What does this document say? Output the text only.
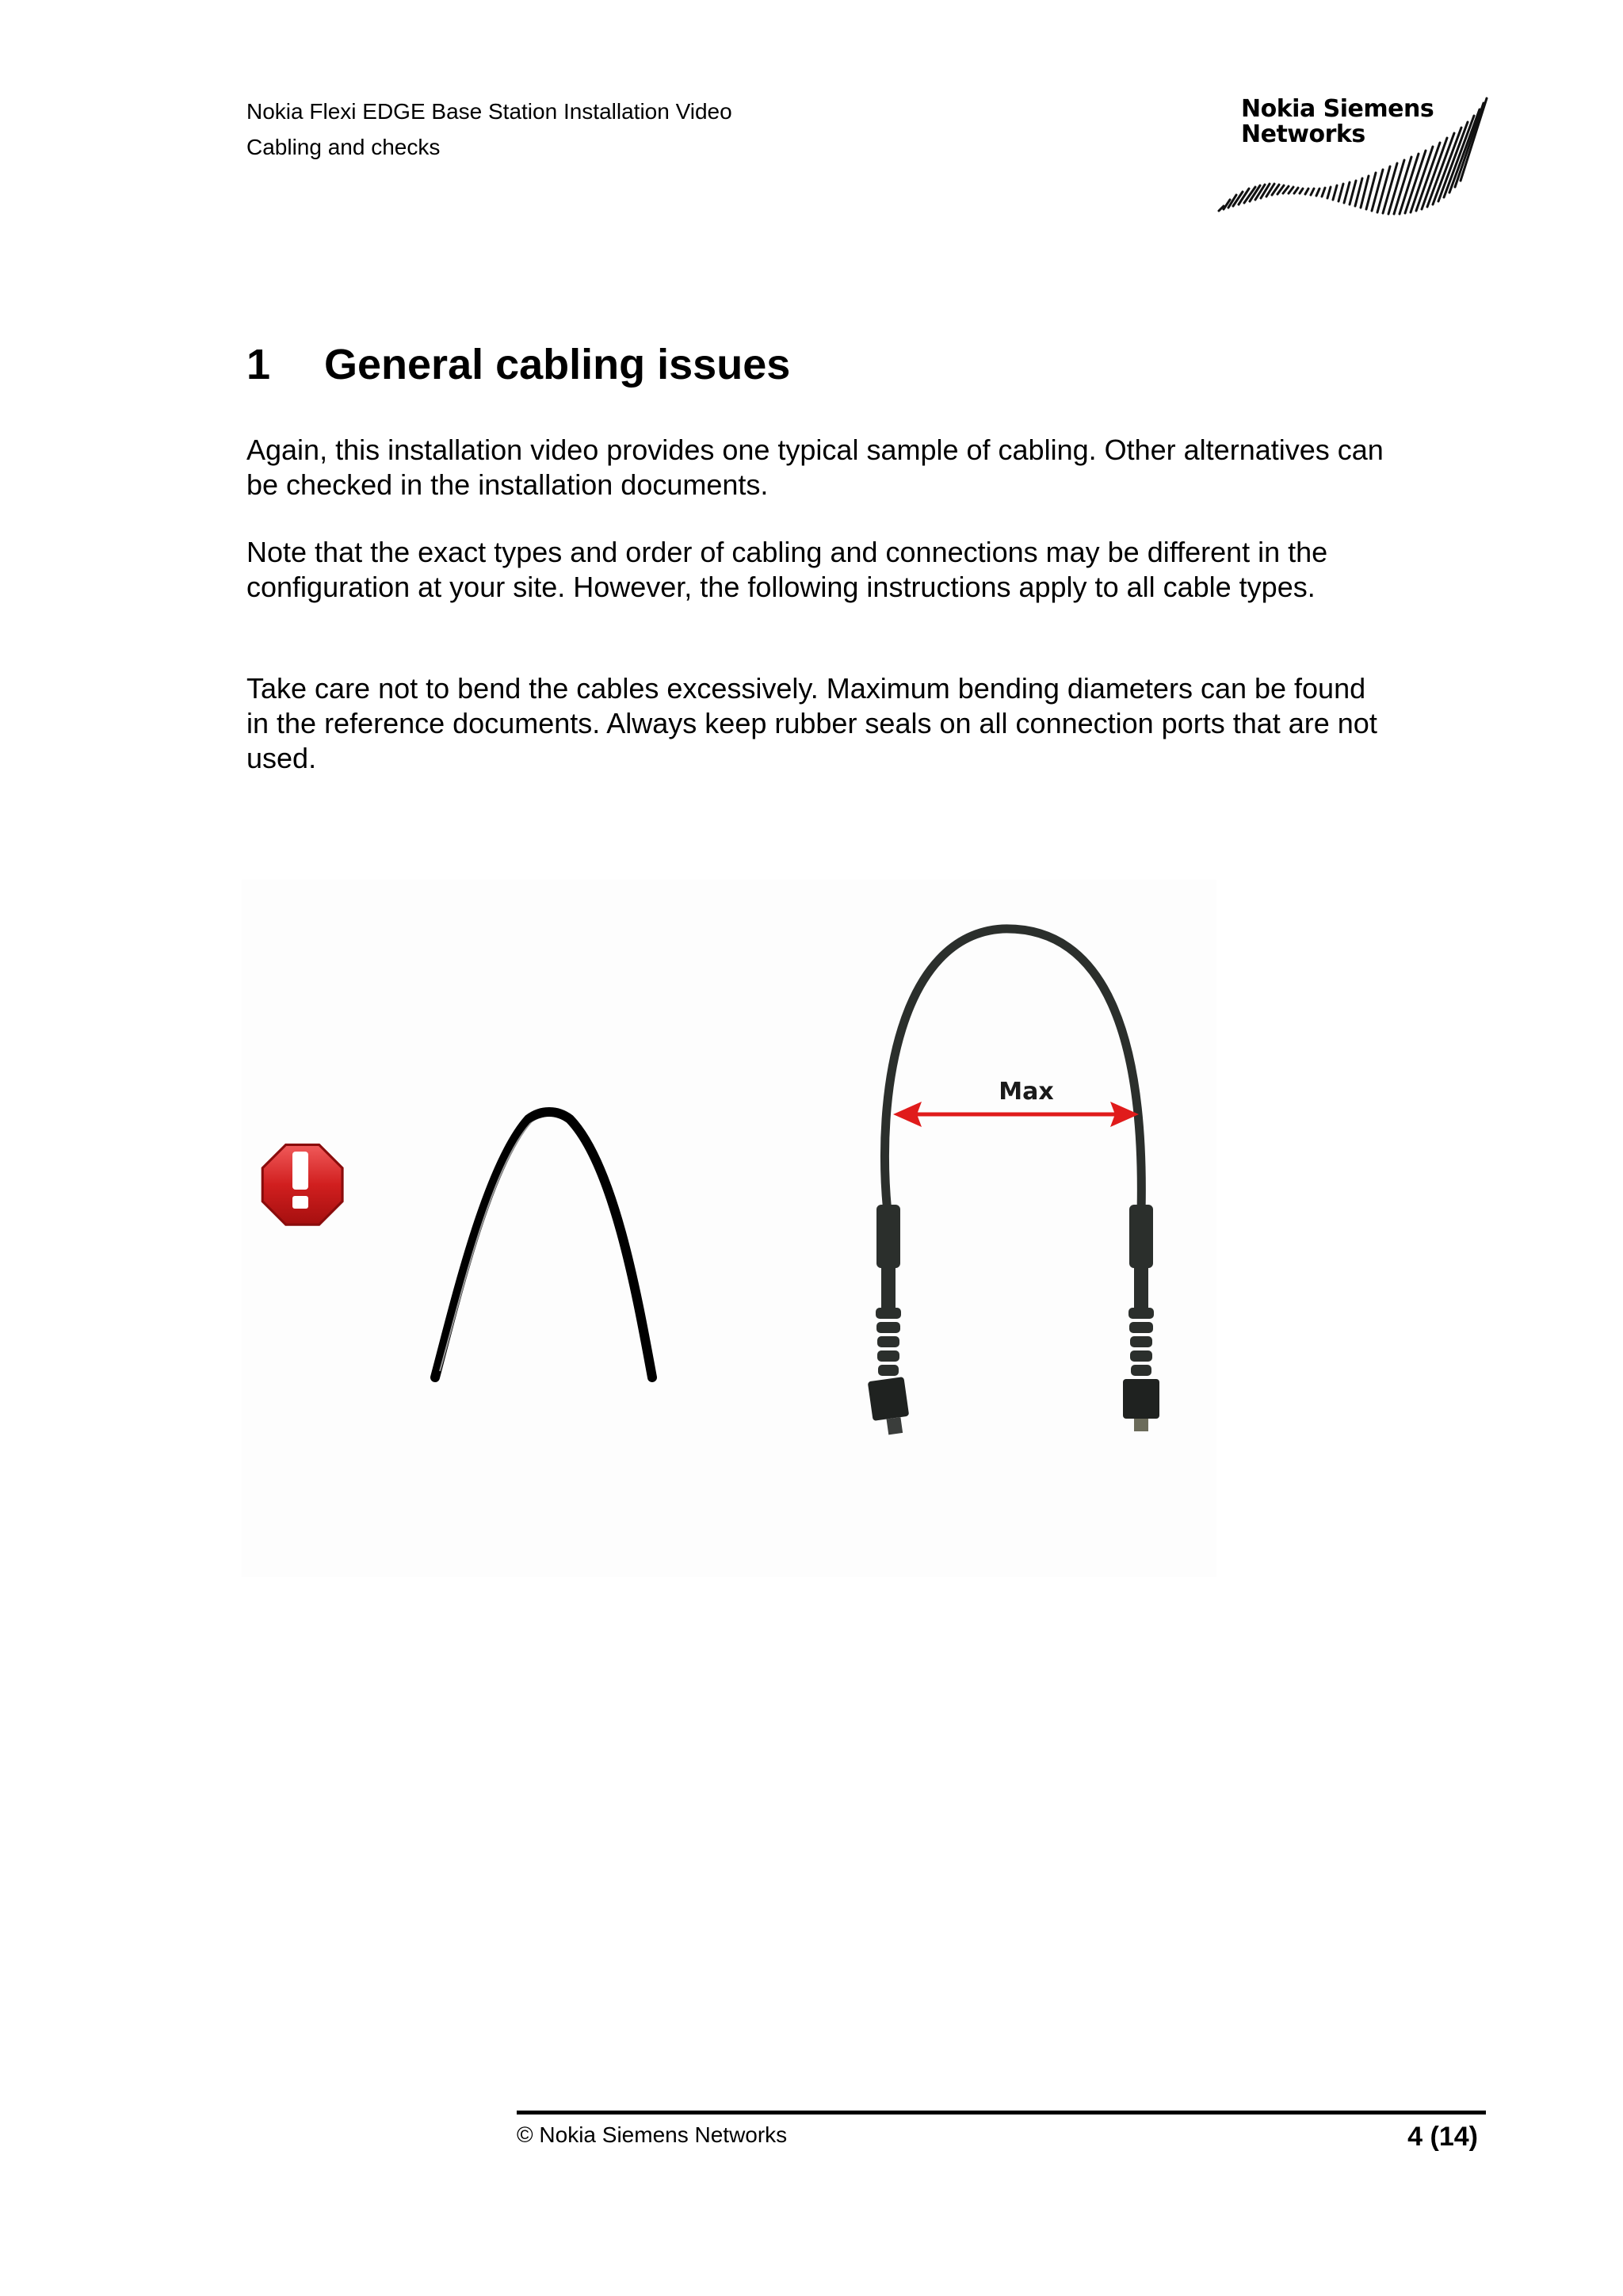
Nokia Flexi EDGE Base Station Installation Video
Cabling and checks
Nokia Siemens
Networks
1 General cabling issues

Again, this installation video provides one typical sample of cabling. Other alternatives can be checked in the installation documents.

Note that the exact types and order of cabling and connections may be different in the configuration at your site. However, the following instructions apply to all cable types.

Take care not to bend the cables excessively. Maximum bending diameters can be found in the reference documents. Always keep rubber seals on all connection ports that are not used.

Max
© Nokia Siemens Networks	4 (14)
